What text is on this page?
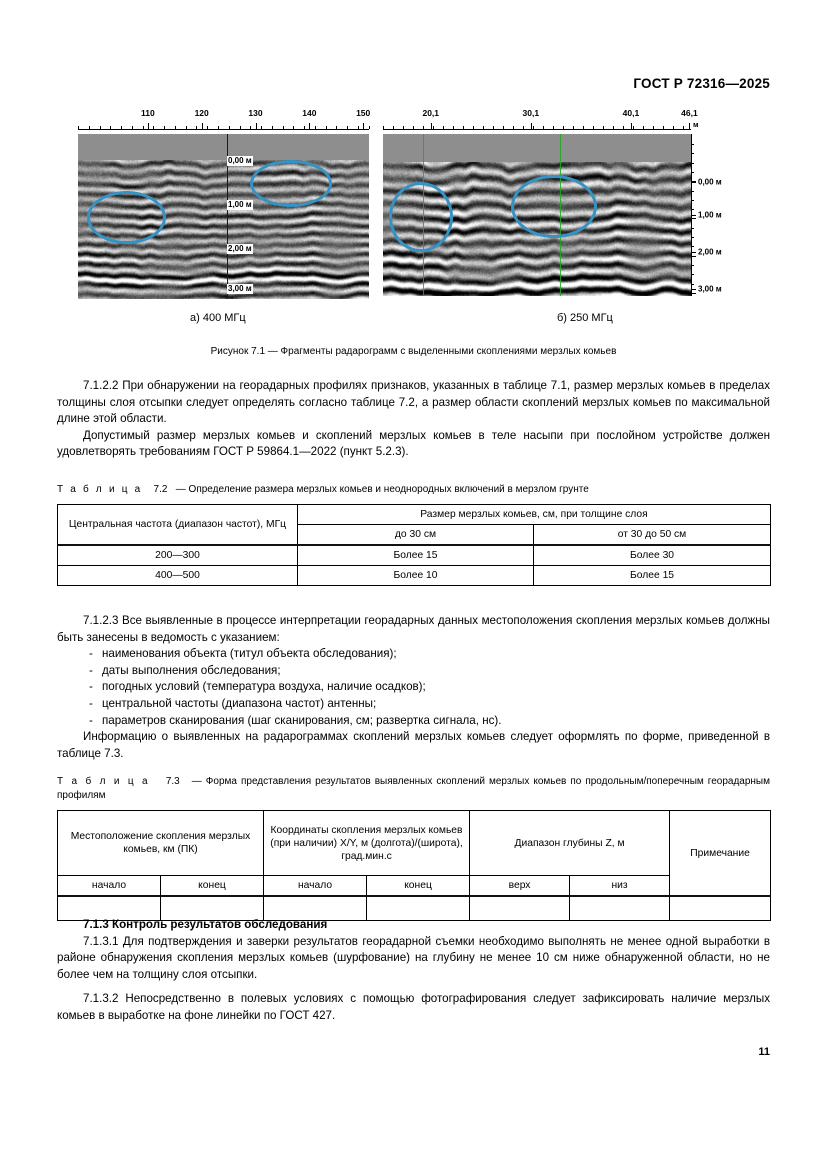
ГОСТ Р 72316—2025
110	120	130	140	150
0,00 м
1,00 м
2,00 м
3,00 м
20,1	30,1	40,1	46,1
м
0,00 м
1,00 м
2,00 м
3,00 м
а) 400 МГц	б) 250 МГц
Рисунок 7.1 — Фрагменты радарограмм с выделенными скоплениями мерзлых комьев

7.1.2.2 При обнаружении на георадарных профилях признаков, указанных в таблице 7.1, размер мерзлых комьев в пределах толщины слоя отсыпки следует определять согласно таблице 7.2, а размер области скоплений мерзлых комьев по максимальной длине этой области.

Допустимый размер мерзлых комьев и скоплений мерзлых комьев в теле насыпи при послойном устройстве должен удовлетворять требованиям ГОСТ Р 59864.1—2022 (пункт 5.2.3).

Т а б л и ц а 7.2 — Определение размера мерзлых комьев и неоднородных включений в мерзлом грунте
Центральная частота (диапазон частот), МГц	Размер мерзлых комьев, см, при толщине слоя	
	до 30 см	от 30 до 50 см
200—300	Более 15	Более 30
400—500	Более 10	Более 15

7.1.2.3 Все выявленные в процессе интерпретации георадарных данных местоположения скопления мерзлых комьев должны быть занесены в ведомость с указанием:

- наименования объекта (титул объекта обследования);
- даты выполнения обследования;
- погодных условий (температура воздуха, наличие осадков);
- центральной частоты (диапазона частот) антенны;
- параметров сканирования (шаг сканирования, см; развертка сигнала, нс).

Информацию о выявленных на радарограммах скоплений мерзлых комьев следует оформлять по форме, приведенной в таблице 7.3.

Т а б л и ц а 7.3 — Форма представления результатов выявленных скоплений мерзлых комьев по продольным/поперечным георадарным профилям
Местоположение скопления мерзлых комьев, км (ПК)		Координаты скопления мерзлых комьев (при наличии) X/Y, м (долгота)/(широта), град.мин.с		Диапазон глубины Z, м		Примечание
начало	конец	начало	конец	верх	низ	

7.1.3 Контроль результатов обследования

7.1.3.1 Для подтверждения и заверки результатов георадарной съемки необходимо выполнять не менее одной выработки в районе обнаружения скопления мерзлых комьев (шурфование) на глубину не менее 10 см ниже обнаруженной области, но не более чем на толщину слоя отсыпки.

7.1.3.2 Непосредственно в полевых условиях с помощью фотографирования следует зафиксировать наличие мерзлых комьев в выработке на фоне линейки по ГОСТ 427.

11
